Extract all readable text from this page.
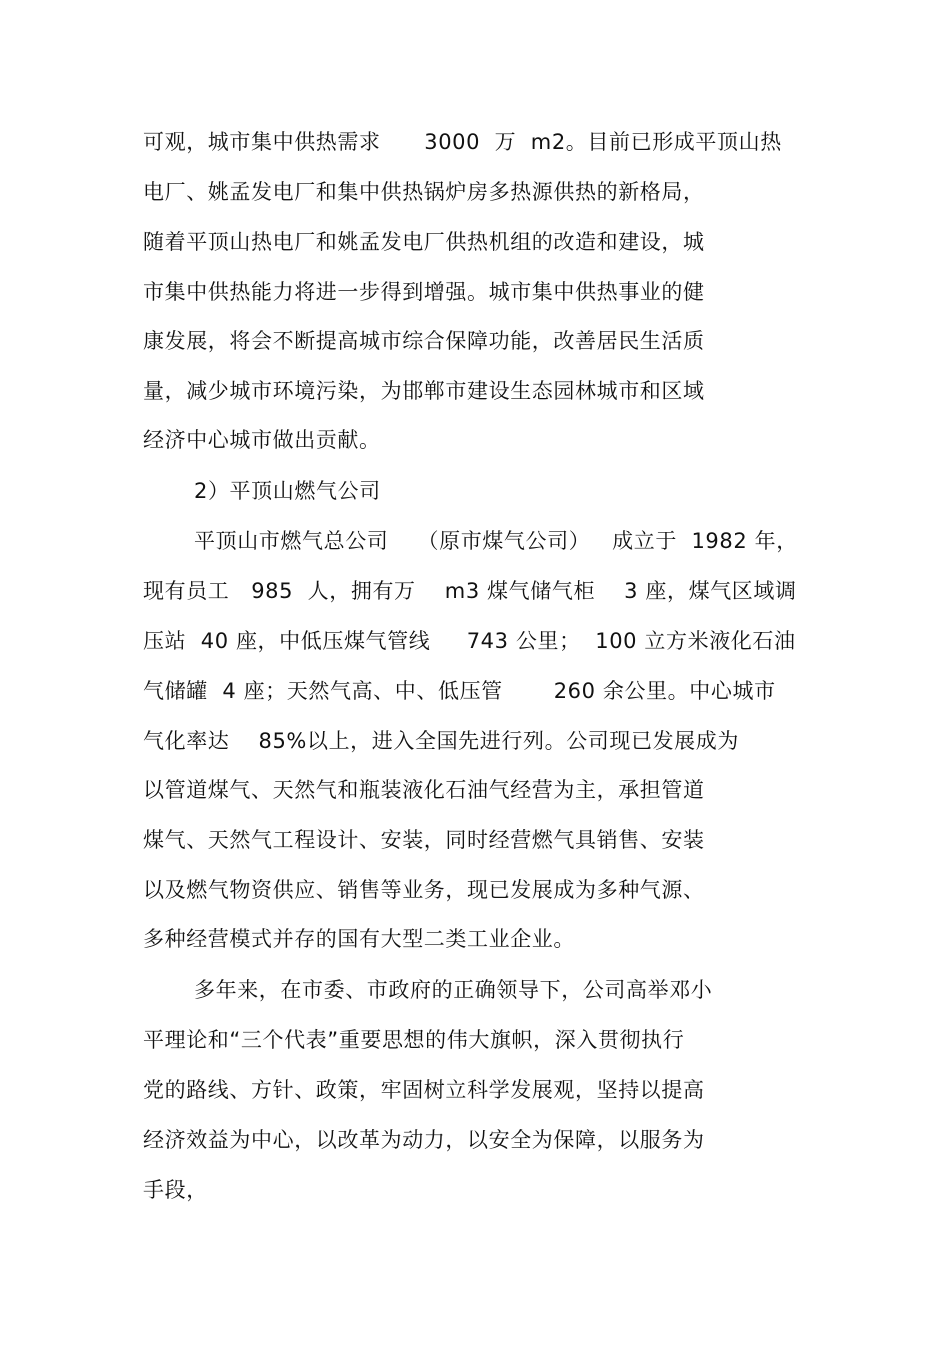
可观，城市集中供热需求      3000  万  m2。目前已形成平顶山热
电厂、姚孟发电厂和集中供热锅炉房多热源供热的新格局，
随着平顶山热电厂和姚孟发电厂供热机组的改造和建设，城
市集中供热能力将进一步得到增强。城市集中供热事业的健
康发展，将会不断提高城市综合保障功能，改善居民生活质
量，减少城市环境污染，为邯郸市建设生态园林城市和区域
经济中心城市做出贡献。
2）平顶山燃气公司
平顶山市燃气总公司    （原市煤气公司）   成立于  1982 年，
现有员工   985  人，拥有万    m3 煤气储气柜    3 座，煤气区域调
压站  40 座，中低压煤气管线     743 公里；  100 立方米液化石油
气储罐  4 座；天然气高、中、低压管       260 余公里。中心城市
气化率达    85%以上，进入全国先进行列。公司现已发展成为
以管道煤气、天然气和瓶装液化石油气经营为主，承担管道
煤气、天然气工程设计、安装，同时经营燃气具销售、安装
以及燃气物资供应、销售等业务，现已发展成为多种气源、
多种经营模式并存的国有大型二类工业企业。
多年来，在市委、市政府的正确领导下，公司高举邓小
平理论和“三个代表”重要思想的伟大旗帜，深入贯彻执行
党的路线、方针、政策，牢固树立科学发展观，坚持以提高
经济效益为中心，以改革为动力，以安全为保障，以服务为
手段，
